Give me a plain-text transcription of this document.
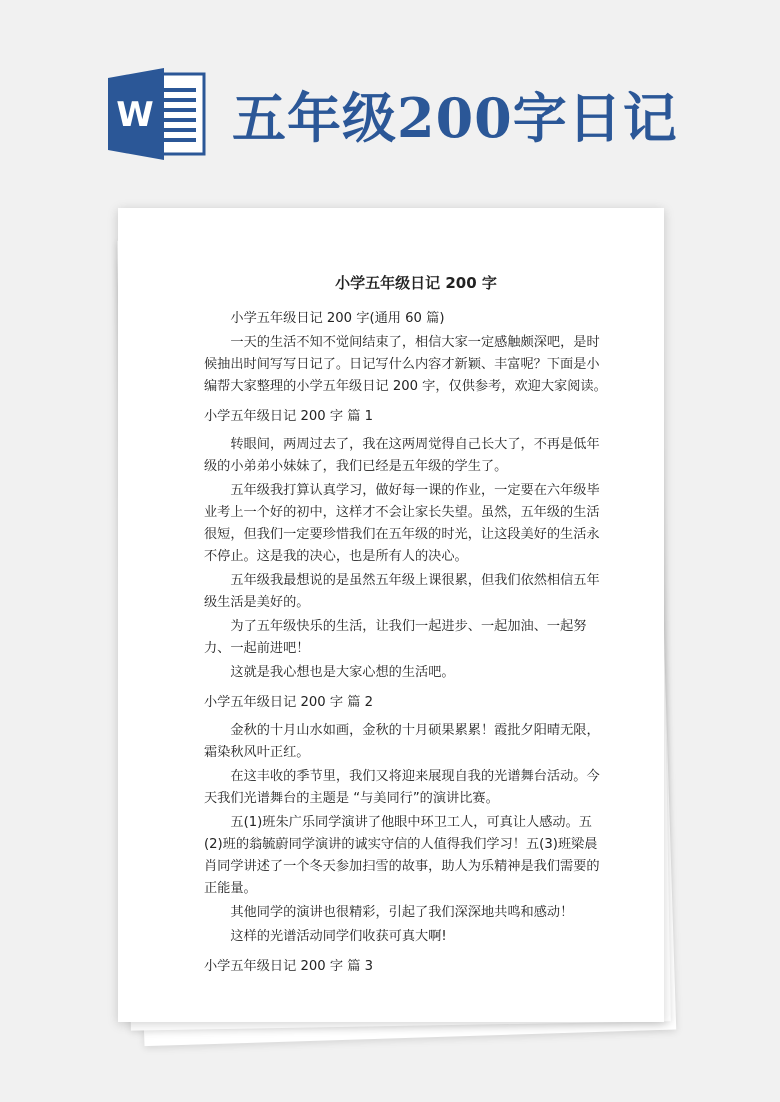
W 五年级200字日记
小学五年级日记 200 字

小学五年级日记 200 字(通用 60 篇)

一天的生活不知不觉间结束了，相信大家一定感触颇深吧，是时候抽出时间写写日记了。日记写什么内容才新颖、丰富呢？下面是小编帮大家整理的小学五年级日记 200 字，仅供参考，欢迎大家阅读。

小学五年级日记 200 字 篇 1

转眼间，两周过去了，我在这两周觉得自己长大了，不再是低年级的小弟弟小妹妹了，我们已经是五年级的学生了。

五年级我打算认真学习，做好每一课的作业，一定要在六年级毕业考上一个好的初中，这样才不会让家长失望。虽然，五年级的生活很短，但我们一定要珍惜我们在五年级的时光，让这段美好的生活永不停止。这是我的决心，也是所有人的决心。

五年级我最想说的是虽然五年级上课很累，但我们依然相信五年级生活是美好的。

为了五年级快乐的生活，让我们一起进步、一起加油、一起努力、一起前进吧！

这就是我心想也是大家心想的生活吧。

小学五年级日记 200 字 篇 2

金秋的十月山水如画，金秋的十月硕果累累！霞批夕阳晴无限，霜染秋风叶正红。

在这丰收的季节里，我们又将迎来展现自我的光谱舞台活动。今天我们光谱舞台的主题是 “与美同行”的演讲比赛。

五(1)班朱广乐同学演讲了他眼中环卫工人，可真让人感动。五(2)班的翁毓蔚同学演讲的诚实守信的人值得我们学习！五(3)班梁晨肖同学讲述了一个冬天参加扫雪的故事，助人为乐精神是我们需要的正能量。

其他同学的演讲也很精彩，引起了我们深深地共鸣和感动！

这样的光谱活动同学们收获可真大啊!

小学五年级日记 200 字 篇 3
